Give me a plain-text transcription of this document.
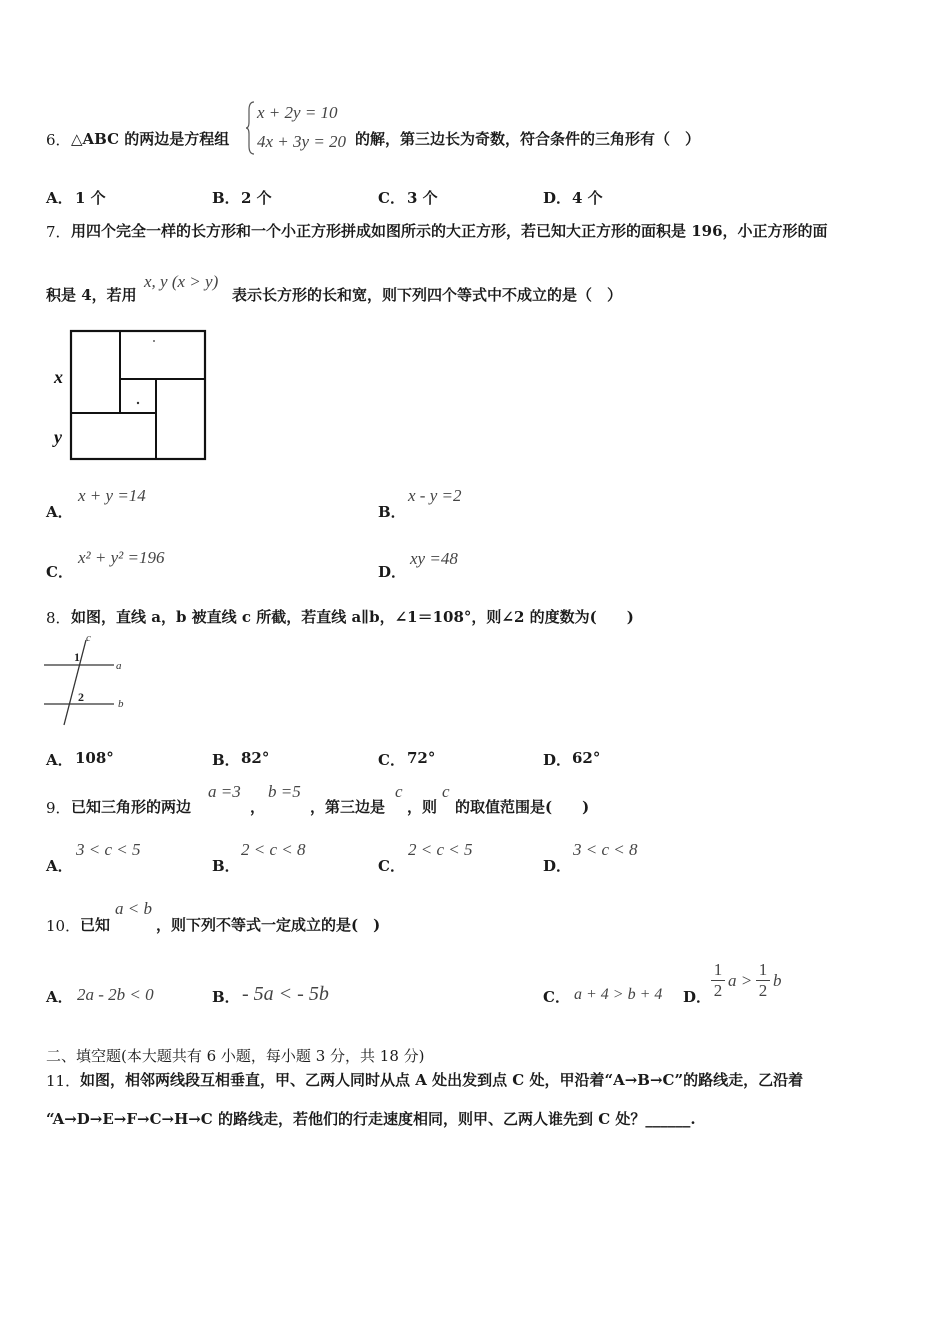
6． △ABC 的两边是方程组
x + 2y = 10
4x + 3y = 20 的解，第三边长为奇数，符合条件的三角形有（　）
A． 1 个	B． 2 个	C． 3 个	D． 4 个
7． 用四个完全一样的长方形和一个小正方形拼成如图所示的大正方形，若已知大正方形的面积是 196，小正方形的面
积是 4，若用
x, y (x > y)
表示长方形的长和宽，则下列四个等式中不成立的是（　）
x
y
A．
x + y =14
B．
x - y =2
C．
x² + y² =196
D．
xy =48
8． 如图，直线 a，b 被直线 c 所截，若直线 a∥b，∠1＝108°，则∠2 的度数为(　　)
c
a
b
1
2
A． 108°	B． 82°	C． 72°	D． 62°
9． 已知三角形的两边
a =3
，
b =5
，第三边是
c
，则
c
的取值范围是(　　)
A．
3 < c < 5
B．
2 < c < 8
C．
2 < c < 5
D．
3 < c < 8
10． 已知
a < b
，则下列不等式一定成立的是(　)
A． 2a - 2b < 0	B． - 5a < - 5b	C． a + 4 > b + 4 D． $\frac{1}{2}$ $a > \frac{1}{2}$ b
二、填空题(本大题共有 6 小题，每小题 3 分，共 18 分)
11． 如图，相邻两线段互相垂直，甲、乙两人同时从点 A 处出发到点 C 处，甲沿着“A→B→C”的路线走，乙沿着
“A→D→E→F→C→H→C 的路线走，若他们的行走速度相同，则甲、乙两人谁先到 C 处？______.
